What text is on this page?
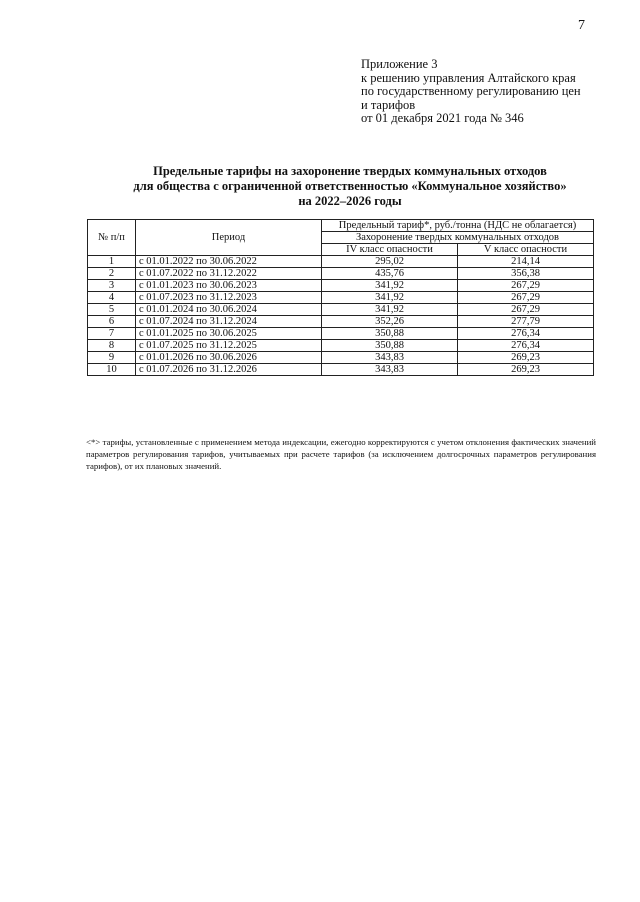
7
Приложение 3
к решению управления Алтайского края
по государственному регулированию цен
и тарифов
от 01 декабря 2021 года № 346
Предельные тарифы на захоронение твердых коммунальных отходов
для общества с ограниченной ответственностью «Коммунальное хозяйство»
на 2022–2026 годы
№ п/п	Период	Предельный тариф*, руб./тонна (НДС не облагается)	
		Захоронение твердых коммунальных отходов	
		IV класс опасности	V класс опасности
1	с 01.01.2022 по 30.06.2022	295,02	214,14
2	с 01.07.2022 по 31.12.2022	435,76	356,38
3	с 01.01.2023 по 30.06.2023	341,92	267,29
4	с 01.07.2023 по 31.12.2023	341,92	267,29
5	с 01.01.2024 по 30.06.2024	341,92	267,29
6	с 01.07.2024 по 31.12.2024	352,26	277,79
7	с 01.01.2025 по 30.06.2025	350,88	276,34
8	с 01.07.2025 по 31.12.2025	350,88	276,34
9	с 01.01.2026 по 30.06.2026	343,83	269,23
10	с 01.07.2026 по 31.12.2026	343,83	269,23
<*> тарифы, установленные с применением метода индексации, ежегодно корректируются с учетом отклонения фактических значений параметров регулирования тарифов, учитываемых при расчете тарифов (за исключением долгосрочных параметров регулирования тарифов), от их плановых значений.
